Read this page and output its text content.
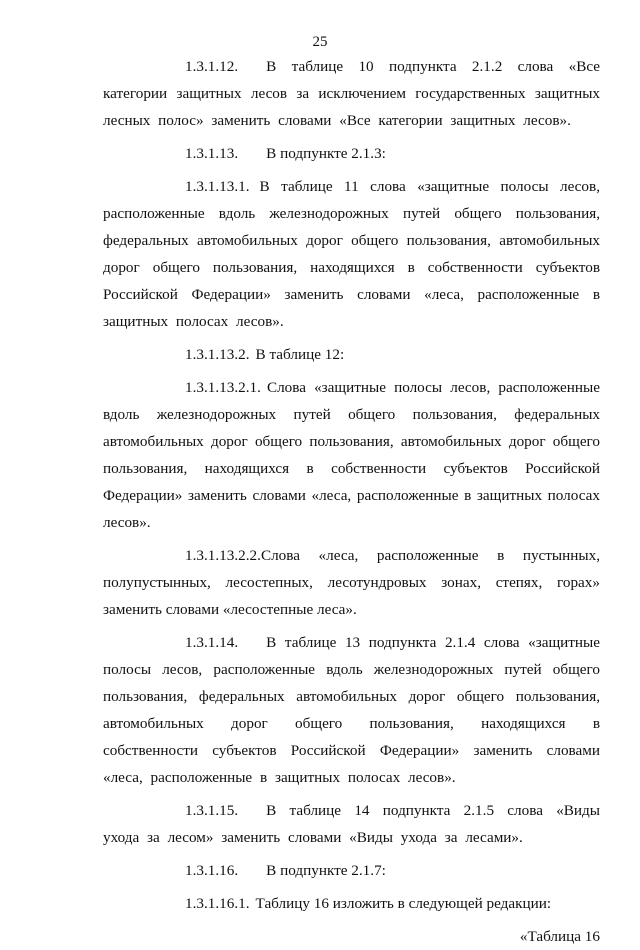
25

1.3.1.12. В таблице 10 подпункта 2.1.2 слова «Все категории защитных лесов за исключением государственных защитных лесных полос» заменить словами «Все категории защитных лесов».

1.3.1.13. В подпункте 2.1.3:

1.3.1.13.1. В таблице 11 слова «защитные полосы лесов, расположенные вдоль железнодорожных путей общего пользования, федеральных автомобильных дорог общего пользования, автомобильных дорог общего пользования, находящихся в собственности субъектов Российской Федерации» заменить словами «леса, расположенные в защитных полосах лесов».

1.3.1.13.2. В таблице 12:

1.3.1.13.2.1. Слова «защитные полосы лесов, расположенные вдоль железнодорожных путей общего пользования, федеральных автомобильных дорог общего пользования, автомобильных дорог общего пользования, находящихся в собственности субъектов Российской Федерации» заменить словами «леса, расположенные в защитных полосах лесов».

1.3.1.13.2.2.Слова «леса, расположенные в пустынных, полупустынных, лесостепных, лесотундровых зонах, степях, горах» заменить словами «лесостепные леса».

1.3.1.14. В таблице 13 подпункта 2.1.4 слова «защитные полосы лесов, расположенные вдоль железнодорожных путей общего пользования, федеральных автомобильных дорог общего пользования, автомобильных дорог общего пользования, находящихся в собственности субъектов Российской Федерации» заменить словами «леса, расположенные в защитных полосах лесов».

1.3.1.15. В таблице 14 подпункта 2.1.5 слова «Виды ухода за лесом» заменить словами «Виды ухода за лесами».

1.3.1.16. В подпункте 2.1.7:

1.3.1.16.1. Таблицу 16 изложить в следующей редакции:

«Таблица 16
